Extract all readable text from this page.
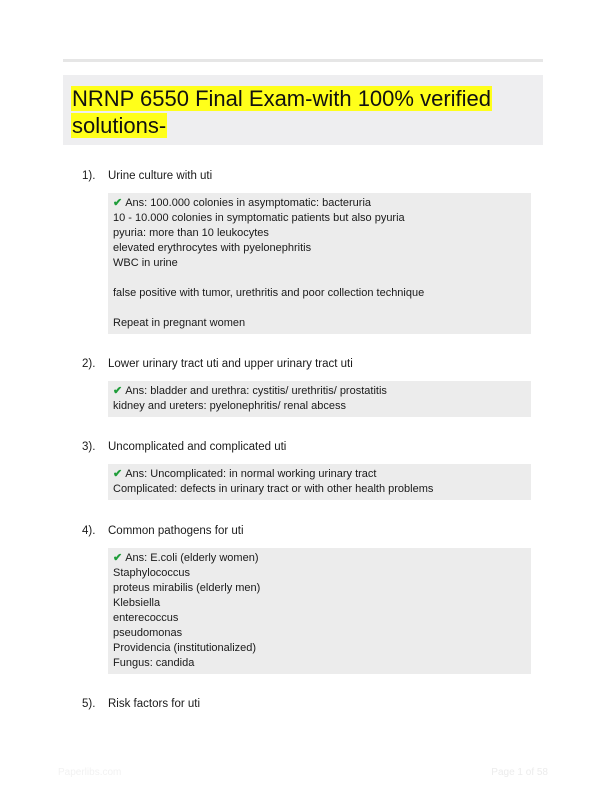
NRNP 6550 Final Exam-with 100% verified solutions-
1). Urine culture with uti
✔ Ans: 100.000 colonies in asymptomatic: bacteruria
10 - 10.000 colonies in symptomatic patients but also pyuria
pyuria: more than 10 leukocytes
elevated erythrocytes with pyelonephritis
WBC in urine
false positive with tumor, urethritis and poor collection technique
Repeat in pregnant women
2). Lower urinary tract uti and upper urinary tract uti
✔ Ans: bladder and urethra: cystitis/ urethritis/ prostatitis
kidney and ureters: pyelonephritis/ renal abcess
3). Uncomplicated and complicated uti
✔ Ans: Uncomplicated: in normal working urinary tract
Complicated: defects in urinary tract or with other health problems
4). Common pathogens for uti
✔ Ans: E.coli (elderly women)
Staphylococcus
proteus mirabilis (elderly men)
Klebsiella
enterecoccus
pseudomonas
Providencia (institutionalized)
Fungus: candida
5). Risk factors for uti
Paperlibs.com	Page 1 of 58
